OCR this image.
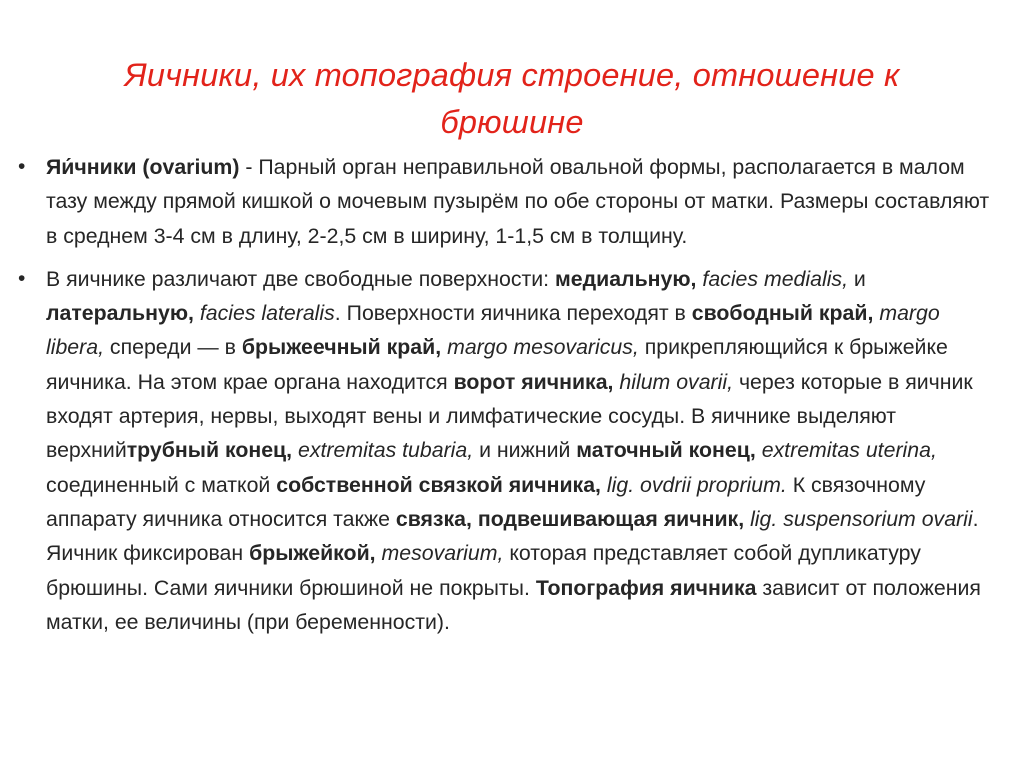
Яичники, их топография строение, отношение к брюшине
• Яи́чники (ovarium) - Парный орган неправильной овальной формы, располагается в малом тазу между прямой кишкой о мочевым пузырём по обе стороны от матки. Размеры составляют в среднем 3-4 см в длину, 2-2,5 см в ширину, 1-1,5 см в толщину.
• В яичнике различают две свободные поверхности: медиальную, facies medialis, и латеральную, facies lateralis. Поверхности яичника переходят в свободный край, margo libera, спереди — в брыжеечный край, margo mesovaricus, прикрепляющийся к брыжейке яичника. На этом крае органа находится ворот яичника, hilum ovarii, через которые в яичник входят артерия, нервы, выходят вены и лимфатические сосуды. В яичнике выделяют верхнийтрубный конец, extremitas tubaria, и нижний маточный конец, extremitas uterina, соединенный с маткой собственной связкой яичника, lig. ovdrii proprium. К связочному аппарату яичника относится также связка, подвешивающая яичник, lig. suspensorium ovarii. Яичник фиксирован брыжейкой, mesovarium, которая представляет собой дупликатуру брюшины. Сами яичники брюшиной не покрыты. Топография яичника зависит от положения матки, ее величины (при беременности).
